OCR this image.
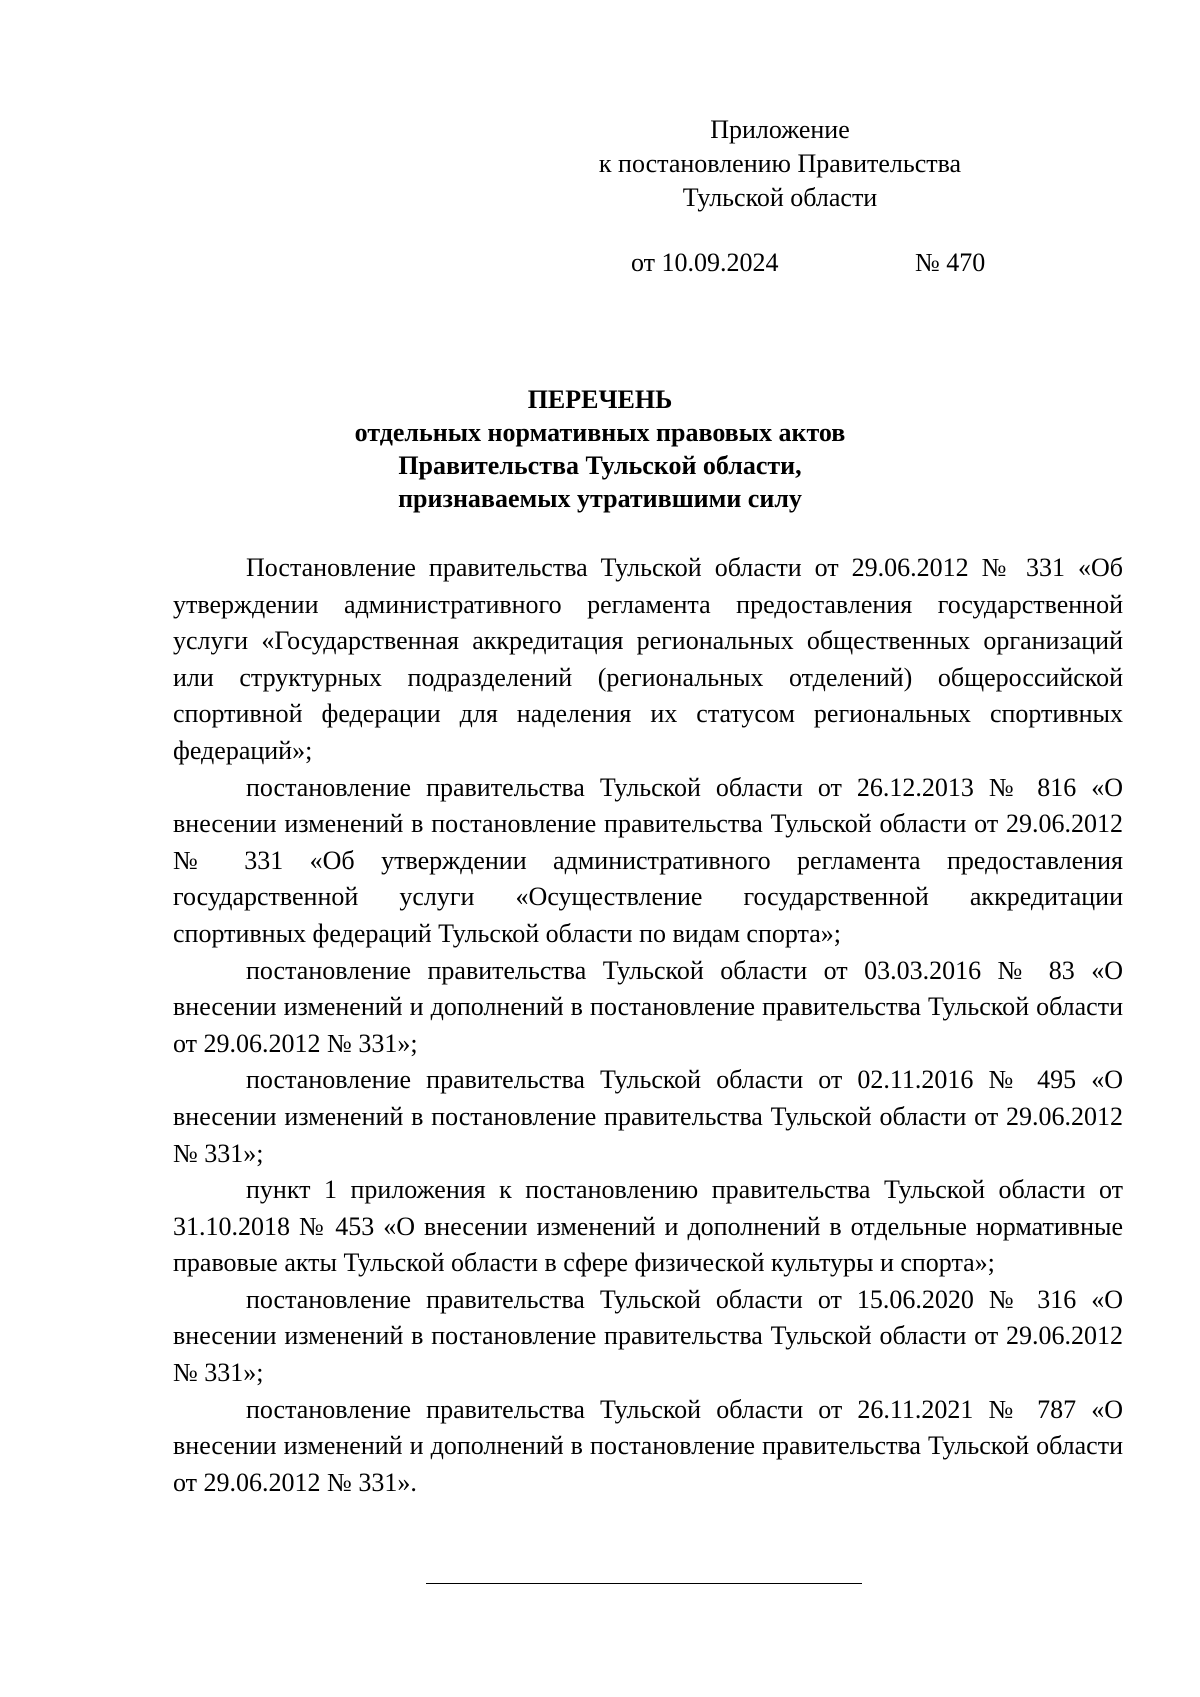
Приложение
к постановлению Правительства
Тульской области
от 10.09.2024	№ 470
ПЕРЕЧЕНЬ
отдельных нормативных правовых актов
Правительства Тульской области,
признаваемых утратившими силу

Постановление правительства Тульской области от 29.06.2012 № 331 «Об утверждении административного регламента предоставления государственной услуги «Государственная аккредитация региональных общественных организаций или структурных подразделений (региональных отделений) общероссийской спортивной федерации для наделения их статусом региональных спортивных федераций»;

постановление правительства Тульской области от 26.12.2013 № 816 «О внесении изменений в постановление правительства Тульской области от 29.06.2012 № 331 «Об утверждении административного регламента предоставления государственной услуги «Осуществление государственной аккредитации спортивных федераций Тульской области по видам спорта»;

постановление правительства Тульской области от 03.03.2016 № 83 «О внесении изменений и дополнений в постановление правительства Тульской области от 29.06.2012 № 331»;

постановление правительства Тульской области от 02.11.2016 № 495 «О внесении изменений в постановление правительства Тульской области от 29.06.2012 № 331»;

пункт 1 приложения к постановлению правительства Тульской области от 31.10.2018 № 453 «О внесении изменений и дополнений в отдельные нормативные правовые акты Тульской области в сфере физической культуры и спорта»;

постановление правительства Тульской области от 15.06.2020 № 316 «О внесении изменений в постановление правительства Тульской области от 29.06.2012 № 331»;

постановление правительства Тульской области от 26.11.2021 № 787 «О внесении изменений и дополнений в постановление правительства Тульской области от 29.06.2012 № 331».
